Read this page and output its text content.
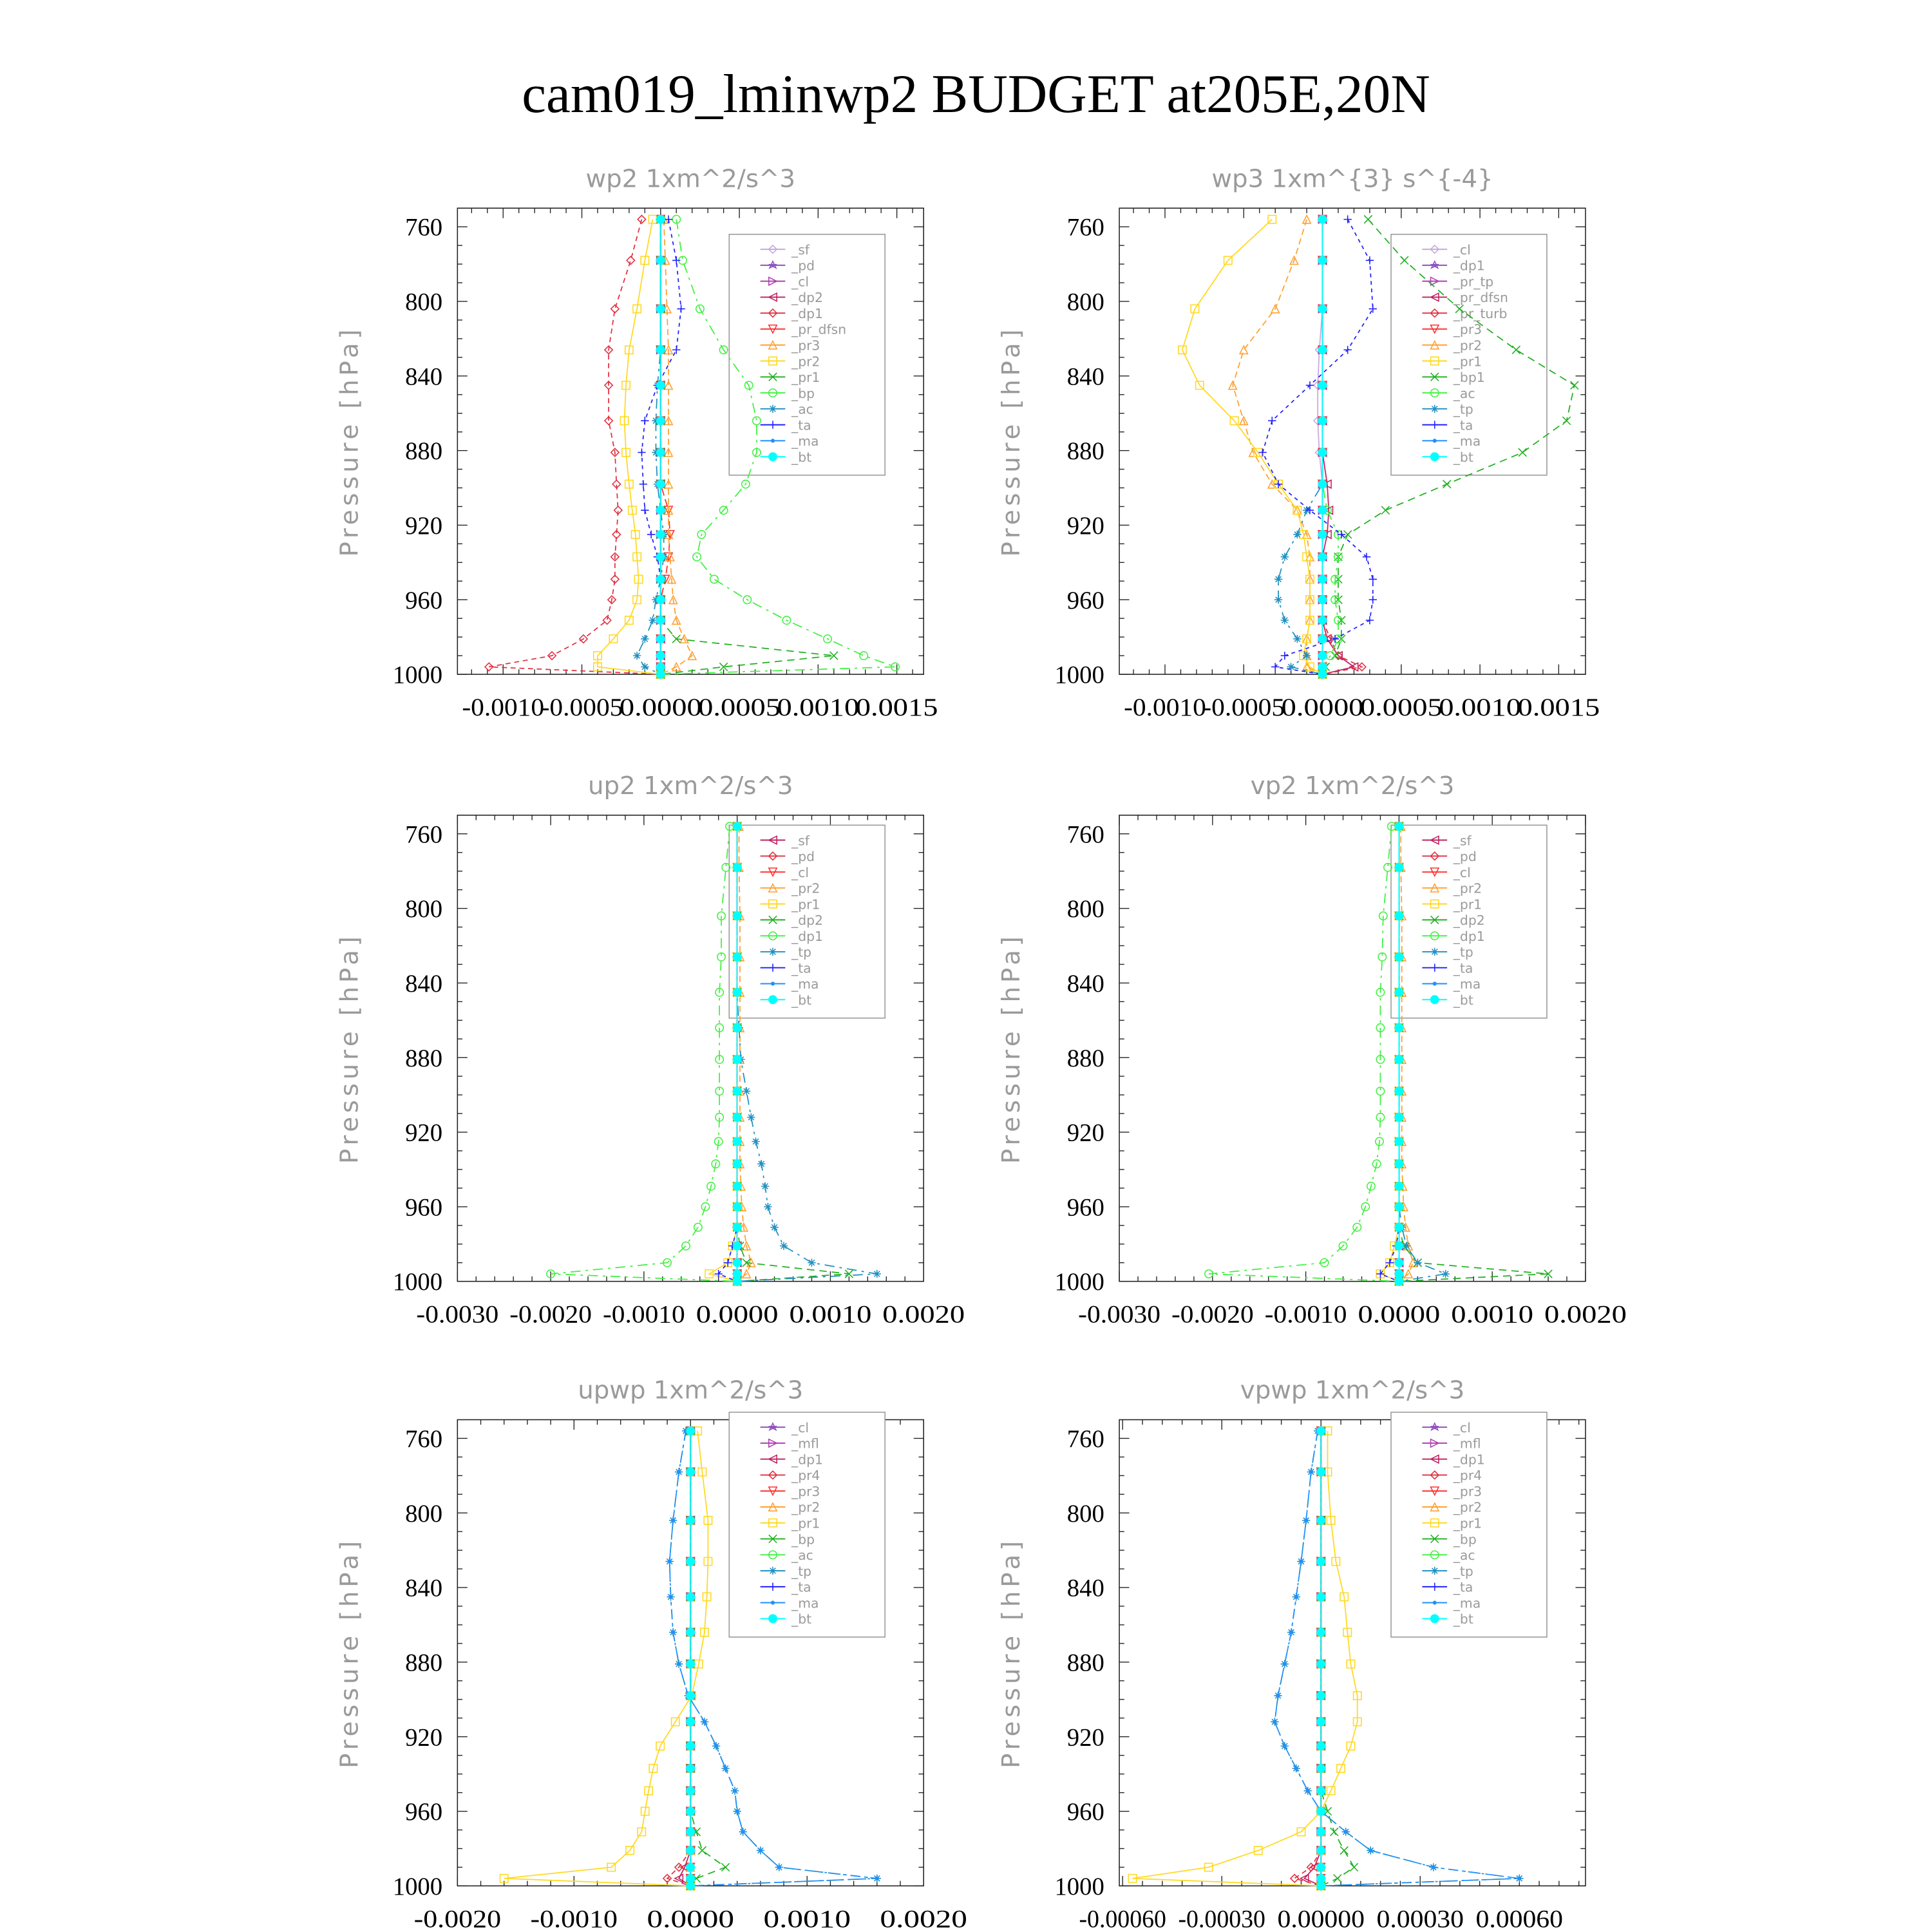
cam019_lminwp2 BUDGET at205E,20N
wp2 1xm^2/s^3
Pressure [hPa]
760
800
840
880
920
960
1000
-0.0010
-0.0005
0.0000
0.0005
0.0010
0.0015
_sf
_pd
_cl
_dp2
_dp1
_pr_dfsn
_pr3
_pr2
_pr1
_bp
_ac
_ta
_ma
_bt
wp3 1xm^{3} s^{-4}
Pressure [hPa]
760
800
840
880
920
960
1000
-0.0010
-0.0005
0.0000
0.0005
0.0010
0.0015
_cl
_dp1
_pr_tp
_pr_dfsn
_pr_turb
_pr3
_pr2
_pr1
_bp1
_ac
_tp
_ta
_ma
_bt
up2 1xm^2/s^3
Pressure [hPa]
760
800
840
880
920
960
1000
-0.0030 -0.0020 -0.0010 0.0000 0.0010 0.0020
_sf
_pd
_cl
_pr2
_pr1
_dp2
_dp1
_tp
_ta
_ma
_bt
vp2 1xm^2/s^3
Pressure [hPa]
760
800
840
880
920
960
1000
-0.0030 -0.0020 -0.0010 0.0000 0.0010 0.0020
_sf
_pd
_cl
_pr2
_pr1
_dp2
_dp1
_tp
_ta
_ma
_bt
upwp 1xm^2/s^3
Pressure [hPa]
760
800
840
880
920
960
1000
-0.0020 -0.0010 0.0000 0.0010 0.0020
_cl
_mfl
_dp1
_pr4
_pr3
_pr2
_pr1
_bp
_ac
_tp
_ta
_ma
_bt
vpwp 1xm^2/s^3
Pressure [hPa]
760
800
840
880
920
960
1000
-0.00060 -0.00030 0.00000 0.00030 0.00060
_cl
_mfl
_dp1
_pr4
_pr3
_pr2
_pr1
_bp
_ac
_tp
_ta
_ma
_bt
